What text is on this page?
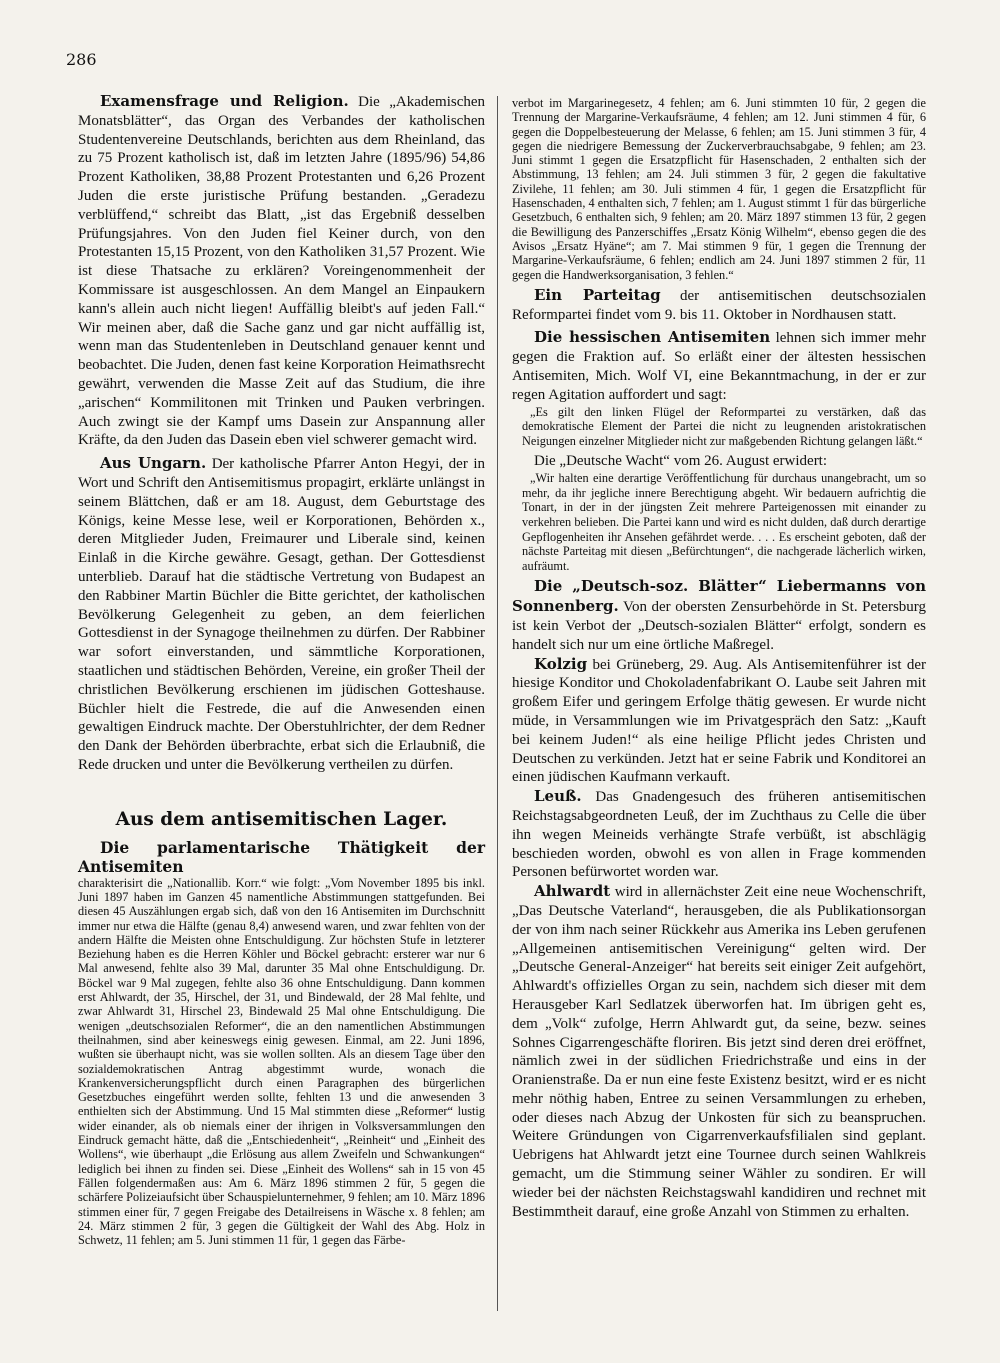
286

Examensfrage und Religion. Die „Akademischen Monatsblätter“, das Organ des Verbandes der katholischen Studentenvereine Deutschlands, berichten aus dem Rheinland, das zu 75 Prozent katholisch ist, daß im letzten Jahre (1895/96) 54,86 Prozent Katholiken, 38,88 Prozent Protestanten und 6,26 Prozent Juden die erste juristische Prüfung bestanden. „Geradezu verblüffend,“ schreibt das Blatt, „ist das Ergebniß desselben Prüfungsjahres. Von den Juden fiel Keiner durch, von den Protestanten 15,15 Prozent, von den Katholiken 31,57 Prozent. Wie ist diese Thatsache zu erklären? Voreingenommenheit der Kommissare ist ausgeschlossen. An dem Mangel an Einpaukern kann's allein auch nicht liegen! Auffällig bleibt's auf jeden Fall.“ Wir meinen aber, daß die Sache ganz und gar nicht auffällig ist, wenn man das Studentenleben in Deutschland genauer kennt und beobachtet. Die Juden, denen fast keine Korporation Heimathsrecht gewährt, verwenden die Masse Zeit auf das Studium, die ihre „arischen“ Kommilitonen mit Trinken und Pauken verbringen. Auch zwingt sie der Kampf ums Dasein zur Anspannung aller Kräfte, da den Juden das Dasein eben viel schwerer gemacht wird.

Aus Ungarn. Der katholische Pfarrer Anton Hegyi, der in Wort und Schrift den Antisemitismus propagirt, erklärte unlängst in seinem Blättchen, daß er am 18. August, dem Geburtstage des Königs, keine Messe lese, weil er Korporationen, Behörden x., deren Mitglieder Juden, Freimaurer und Liberale sind, keinen Einlaß in die Kirche gewähre. Gesagt, gethan. Der Gottesdienst unterblieb. Darauf hat die städtische Vertretung von Budapest an den Rabbiner Martin Büchler die Bitte gerichtet, der katholischen Bevölkerung Gelegenheit zu geben, an dem feierlichen Gottesdienst in der Synagoge theilnehmen zu dürfen. Der Rabbiner war sofort einverstanden, und sämmtliche Korporationen, staatlichen und städtischen Behörden, Vereine, ein großer Theil der christlichen Bevölkerung erschienen im jüdischen Gotteshause. Büchler hielt die Festrede, die auf die Anwesenden einen gewaltigen Eindruck machte. Der Oberstuhlrichter, der dem Redner den Dank der Behörden überbrachte, erbat sich die Erlaubniß, die Rede drucken und unter die Bevölkerung vertheilen zu dürfen.

Aus dem antisemitischen Lager.

Die parlamentarische Thätigkeit der Antisemiten

charakterisirt die „Nationallib. Korr.“ wie folgt: „Vom November 1895 bis inkl. Juni 1897 haben im Ganzen 45 namentliche Abstimmungen stattgefunden. Bei diesen 45 Auszählungen ergab sich, daß von den 16 Antisemiten im Durchschnitt immer nur etwa die Hälfte (genau 8,4) anwesend waren, und zwar fehlten von der andern Hälfte die Meisten ohne Entschuldigung. Zur höchsten Stufe in letzterer Beziehung haben es die Herren Köhler und Böckel gebracht: ersterer war nur 6 Mal anwesend, fehlte also 39 Mal, darunter 35 Mal ohne Entschuldigung. Dr. Böckel war 9 Mal zugegen, fehlte also 36 ohne Entschuldigung. Dann kommen erst Ahlwardt, der 35, Hirschel, der 31, und Bindewald, der 28 Mal fehlte, und zwar Ahlwardt 31, Hirschel 23, Bindewald 25 Mal ohne Entschuldigung. Die wenigen „deutschsozialen Reformer“, die an den namentlichen Abstimmungen theilnahmen, sind aber keineswegs einig gewesen. Einmal, am 22. Juni 1896, wußten sie überhaupt nicht, was sie wollen sollten. Als an diesem Tage über den sozialdemokratischen Antrag abgestimmt wurde, wonach die Krankenversicherungspflicht durch einen Paragraphen des bürgerlichen Gesetzbuches eingeführt werden sollte, fehlten 13 und die anwesenden 3 enthielten sich der Abstimmung. Und 15 Mal stimmten diese „Reformer“ lustig wider einander, als ob niemals einer der ihrigen in Volksversammlungen den Eindruck gemacht hätte, daß die „Entschiedenheit“, „Reinheit“ und „Einheit des Wollens“, wie überhaupt „die Erlösung aus allem Zweifeln und Schwankungen“ lediglich bei ihnen zu finden sei. Diese „Einheit des Wollens“ sah in 15 von 45 Fällen folgendermaßen aus: Am 6. März 1896 stimmen 2 für, 5 gegen die schärfere Polizeiaufsicht über Schauspielunternehmer, 9 fehlen; am 10. März 1896 stimmen einer für, 7 gegen Freigabe des Detailreisens in Wäsche x. 8 fehlen; am 24. März stimmen 2 für, 3 gegen die Gültigkeit der Wahl des Abg. Holz in Schwetz, 11 fehlen; am 5. Juni stimmen 11 für, 1 gegen das Färbe-

verbot im Margarinegesetz, 4 fehlen; am 6. Juni stimmten 10 für, 2 gegen die Trennung der Margarine-Verkaufsräume, 4 fehlen; am 12. Juni stimmen 4 für, 6 gegen die Doppelbesteuerung der Melasse, 6 fehlen; am 15. Juni stimmen 3 für, 4 gegen die niedrigere Bemessung der Zuckerverbrauchsabgabe, 9 fehlen; am 23. Juni stimmt 1 gegen die Ersatzpflicht für Hasenschaden, 2 enthalten sich der Abstimmung, 13 fehlen; am 24. Juli stimmen 3 für, 2 gegen die fakultative Zivilehe, 11 fehlen; am 30. Juli stimmen 4 für, 1 gegen die Ersatzpflicht für Hasenschaden, 4 enthalten sich, 7 fehlen; am 1. August stimmt 1 für das bürgerliche Gesetzbuch, 6 enthalten sich, 9 fehlen; am 20. März 1897 stimmen 13 für, 2 gegen die Bewilligung des Panzerschiffes „Ersatz König Wilhelm“, ebenso gegen die des Avisos „Ersatz Hyäne“; am 7. Mai stimmen 9 für, 1 gegen die Trennung der Margarine-Verkaufsräume, 6 fehlen; endlich am 24. Juni 1897 stimmen 2 für, 11 gegen die Handwerksorganisation, 3 fehlen.“

Ein Parteitag der antisemitischen deutschsozialen Reformpartei findet vom 9. bis 11. Oktober in Nordhausen statt.

Die hessischen Antisemiten lehnen sich immer mehr gegen die Fraktion auf. So erläßt einer der ältesten hessischen Antisemiten, Mich. Wolf VI, eine Bekanntmachung, in der er zur regen Agitation auffordert und sagt:

„Es gilt den linken Flügel der Reformpartei zu verstärken, daß das demokratische Element der Partei die nicht zu leugnenden aristokratischen Neigungen einzelner Mitglieder nicht zur maßgebenden Richtung gelangen läßt.“

Die „Deutsche Wacht“ vom 26. August erwidert:

„Wir halten eine derartige Veröffentlichung für durchaus unangebracht, um so mehr, da ihr jegliche innere Berechtigung abgeht. Wir bedauern aufrichtig die Tonart, in der in der jüngsten Zeit mehrere Parteigenossen mit einander zu verkehren belieben. Die Partei kann und wird es nicht dulden, daß durch derartige Gepflogenheiten ihr Ansehen gefährdet werde. . . . Es erscheint geboten, daß der nächste Parteitag mit diesen „Befürchtungen“, die nachgerade lächerlich wirken, aufräumt.

Die „Deutsch-soz. Blätter“ Liebermanns von Sonnenberg. Von der obersten Zensurbehörde in St. Petersburg ist kein Verbot der „Deutsch-sozialen Blätter“ erfolgt, sondern es handelt sich nur um eine örtliche Maßregel.

Kolzig bei Grüneberg, 29. Aug. Als Antisemitenführer ist der hiesige Konditor und Chokoladenfabrikant O. Laube seit Jahren mit großem Eifer und geringem Erfolge thätig gewesen. Er wurde nicht müde, in Versammlungen wie im Privatgespräch den Satz: „Kauft bei keinem Juden!“ als eine heilige Pflicht jedes Christen und Deutschen zu verkünden. Jetzt hat er seine Fabrik und Konditorei an einen jüdischen Kaufmann verkauft.

Leuß. Das Gnadengesuch des früheren antisemitischen Reichstagsabgeordneten Leuß, der im Zuchthaus zu Celle die über ihn wegen Meineids verhängte Strafe verbüßt, ist abschlägig beschieden worden, obwohl es von allen in Frage kommenden Personen befürwortet worden war.

Ahlwardt wird in allernächster Zeit eine neue Wochenschrift, „Das Deutsche Vaterland“, herausgeben, die als Publikationsorgan der von ihm nach seiner Rückkehr aus Amerika ins Leben gerufenen „Allgemeinen antisemitischen Vereinigung“ gelten wird. Der „Deutsche General-Anzeiger“ hat bereits seit einiger Zeit aufgehört, Ahlwardt's offizielles Organ zu sein, nachdem sich dieser mit dem Herausgeber Karl Sedlatzek überworfen hat. Im übrigen geht es, dem „Volk“ zufolge, Herrn Ahlwardt gut, da seine, bezw. seines Sohnes Cigarrengeschäfte floriren. Bis jetzt sind deren drei eröffnet, nämlich zwei in der südlichen Friedrichstraße und eins in der Oranienstraße. Da er nun eine feste Existenz besitzt, wird er es nicht mehr nöthig haben, Entree zu seinen Versammlungen zu erheben, oder dieses nach Abzug der Unkosten für sich zu beanspruchen. Weitere Gründungen von Cigarrenverkaufsfilialen sind geplant. Uebrigens hat Ahlwardt jetzt eine Tournee durch seinen Wahlkreis gemacht, um die Stimmung seiner Wähler zu sondiren. Er will wieder bei der nächsten Reichstagswahl kandidiren und rechnet mit Bestimmtheit darauf, eine große Anzahl von Stimmen zu erhalten.
